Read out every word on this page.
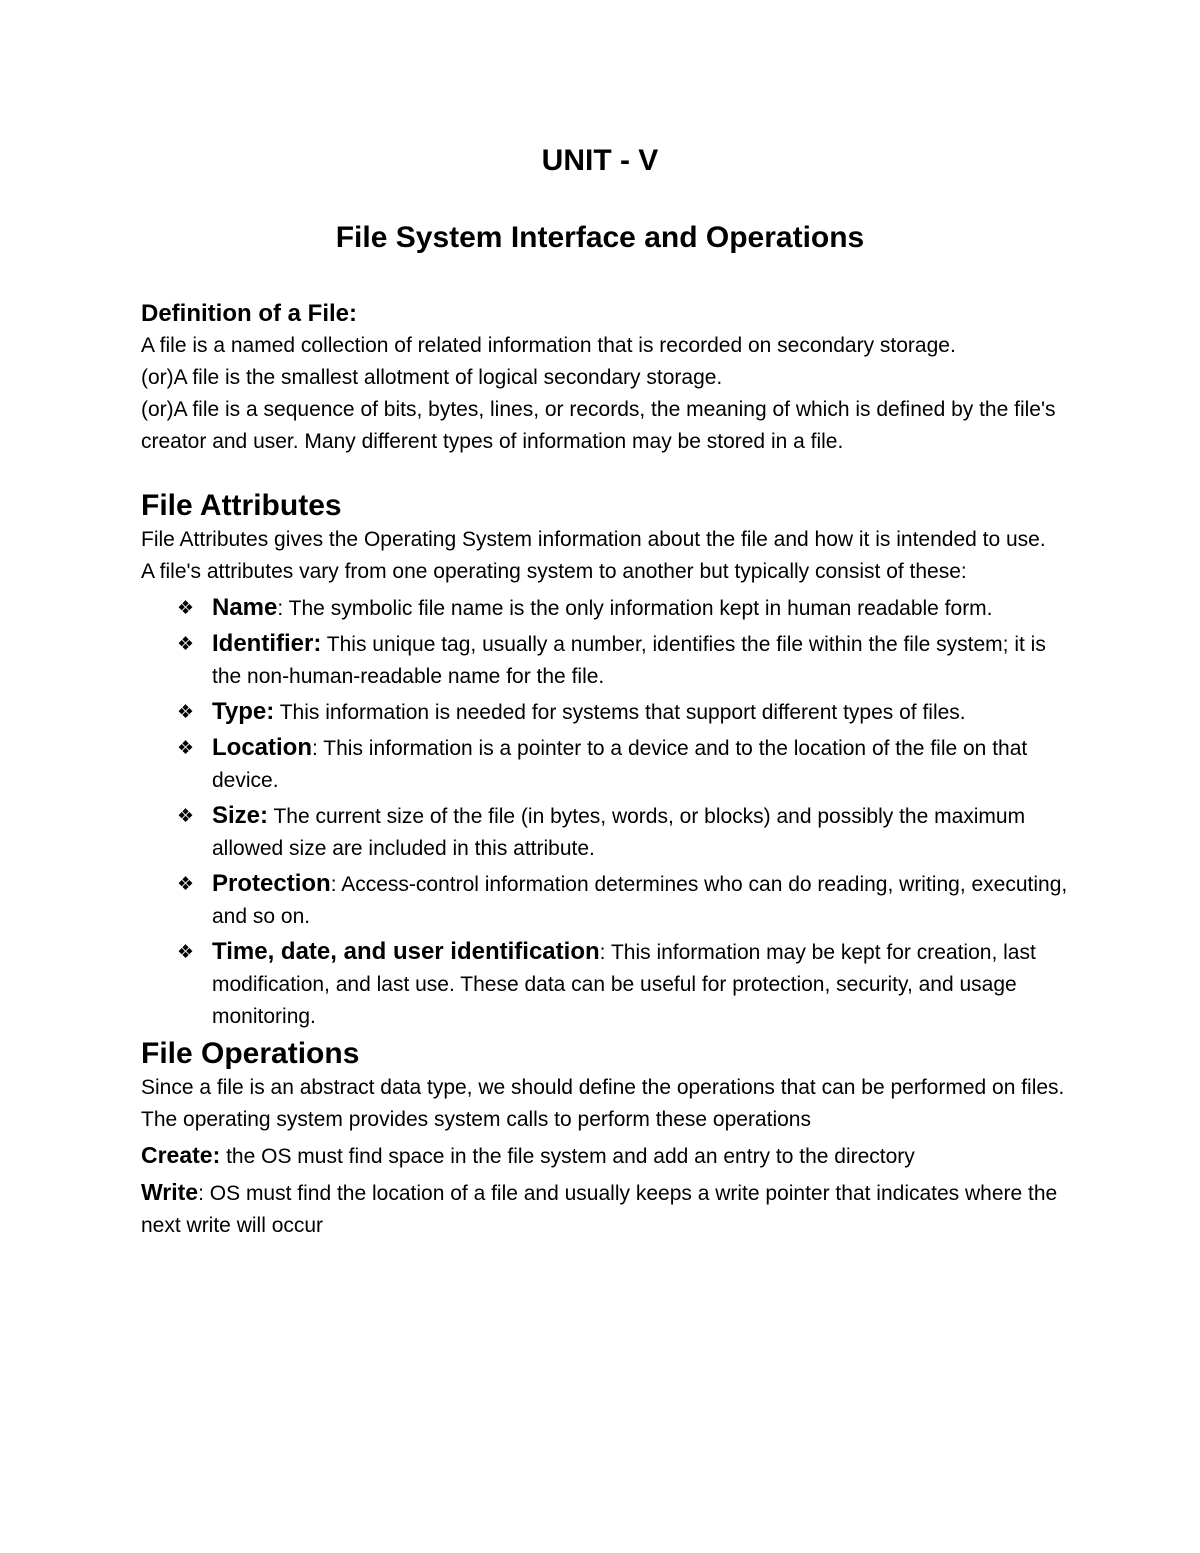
UNIT - V
File System Interface and Operations

Definition of a File:

A file is a named collection of related information that is recorded on secondary storage.

(or)A file is the smallest allotment of logical secondary storage.

(or)A file is a sequence of bits, bytes, lines, or records, the meaning of which is defined by the file's creator and user. Many different types of information may be stored in a file.

File Attributes

File Attributes gives the Operating System information about the file and how it is intended to use.

A file's attributes vary from one operating system to another but typically consist of these:

❖ Name: The symbolic file name is the only information kept in human readable form.
❖ Identifier: This unique tag, usually a number, identifies the file within the file system; it is the non-human-readable name for the file.
❖ Type: This information is needed for systems that support different types of files.
❖ Location: This information is a pointer to a device and to the location of the file on that device.
❖ Size: The current size of the file (in bytes, words, or blocks) and possibly the maximum allowed size are included in this attribute.
❖ Protection: Access-control information determines who can do reading, writing, executing, and so on.
❖ Time, date, and user identification: This information may be kept for creation, last modification, and last use. These data can be useful for protection, security, and usage monitoring.

File Operations

Since a file is an abstract data type, we should define the operations that can be performed on files. The operating system provides system calls to perform these operations

Create: the OS must find space in the file system and add an entry to the directory

Write: OS must find the location of a file and usually keeps a write pointer that indicates where the next write will occur
